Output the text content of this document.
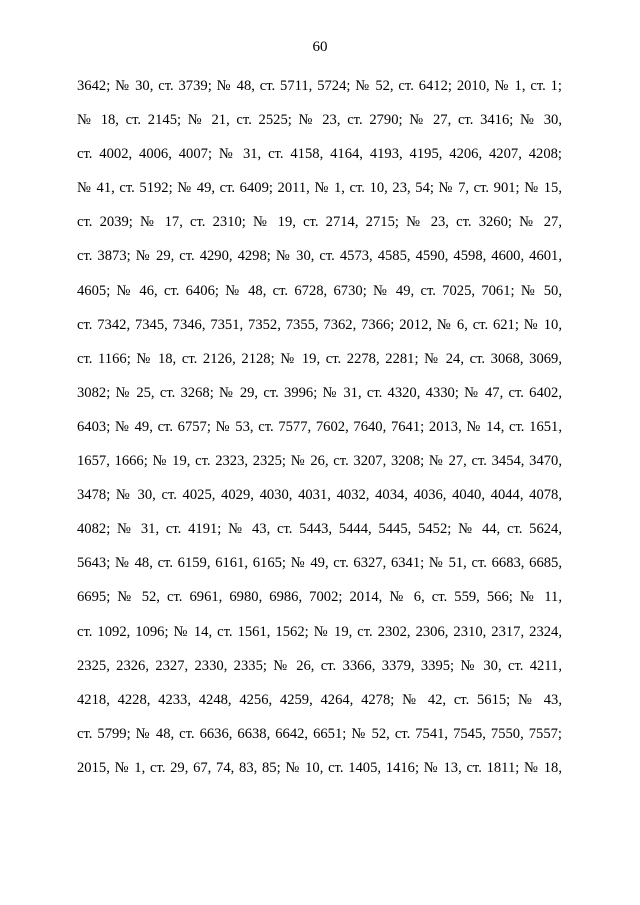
60
3642; № 30, ст. 3739; № 48, ст. 5711, 5724; № 52, ст. 6412; 2010, № 1, ст. 1;
№ 18, ст. 2145; № 21, ст. 2525; № 23, ст. 2790; № 27, ст. 3416; № 30,
ст. 4002, 4006, 4007; № 31, ст. 4158, 4164, 4193, 4195, 4206, 4207, 4208;
№ 41, ст. 5192; № 49, ст. 6409; 2011, № 1, ст. 10, 23, 54; № 7, ст. 901; № 15,
ст. 2039; № 17, ст. 2310; № 19, ст. 2714, 2715; № 23, ст. 3260; № 27,
ст. 3873; № 29, ст. 4290, 4298; № 30, ст. 4573, 4585, 4590, 4598, 4600, 4601,
4605; № 46, ст. 6406; № 48, ст. 6728, 6730; № 49, ст. 7025, 7061; № 50,
ст. 7342, 7345, 7346, 7351, 7352, 7355, 7362, 7366; 2012, № 6, ст. 621; № 10,
ст. 1166; № 18, ст. 2126, 2128; № 19, ст. 2278, 2281; № 24, ст. 3068, 3069,
3082; № 25, ст. 3268; № 29, ст. 3996; № 31, ст. 4320, 4330; № 47, ст. 6402,
6403; № 49, ст. 6757; № 53, ст. 7577, 7602, 7640, 7641; 2013, № 14, ст. 1651,
1657, 1666; № 19, ст. 2323, 2325; № 26, ст. 3207, 3208; № 27, ст. 3454, 3470,
3478; № 30, ст. 4025, 4029, 4030, 4031, 4032, 4034, 4036, 4040, 4044, 4078,
4082; № 31, ст. 4191; № 43, ст. 5443, 5444, 5445, 5452; № 44, ст. 5624,
5643; № 48, ст. 6159, 6161, 6165; № 49, ст. 6327, 6341; № 51, ст. 6683, 6685,
6695; № 52, ст. 6961, 6980, 6986, 7002; 2014, № 6, ст. 559, 566; № 11,
ст. 1092, 1096; № 14, ст. 1561, 1562; № 19, ст. 2302, 2306, 2310, 2317, 2324,
2325, 2326, 2327, 2330, 2335; № 26, ст. 3366, 3379, 3395; № 30, ст. 4211,
4218, 4228, 4233, 4248, 4256, 4259, 4264, 4278; № 42, ст. 5615; № 43,
ст. 5799; № 48, ст. 6636, 6638, 6642, 6651; № 52, ст. 7541, 7545, 7550, 7557;
2015, № 1, ст. 29, 67, 74, 83, 85; № 10, ст. 1405, 1416; № 13, ст. 1811; № 18,
